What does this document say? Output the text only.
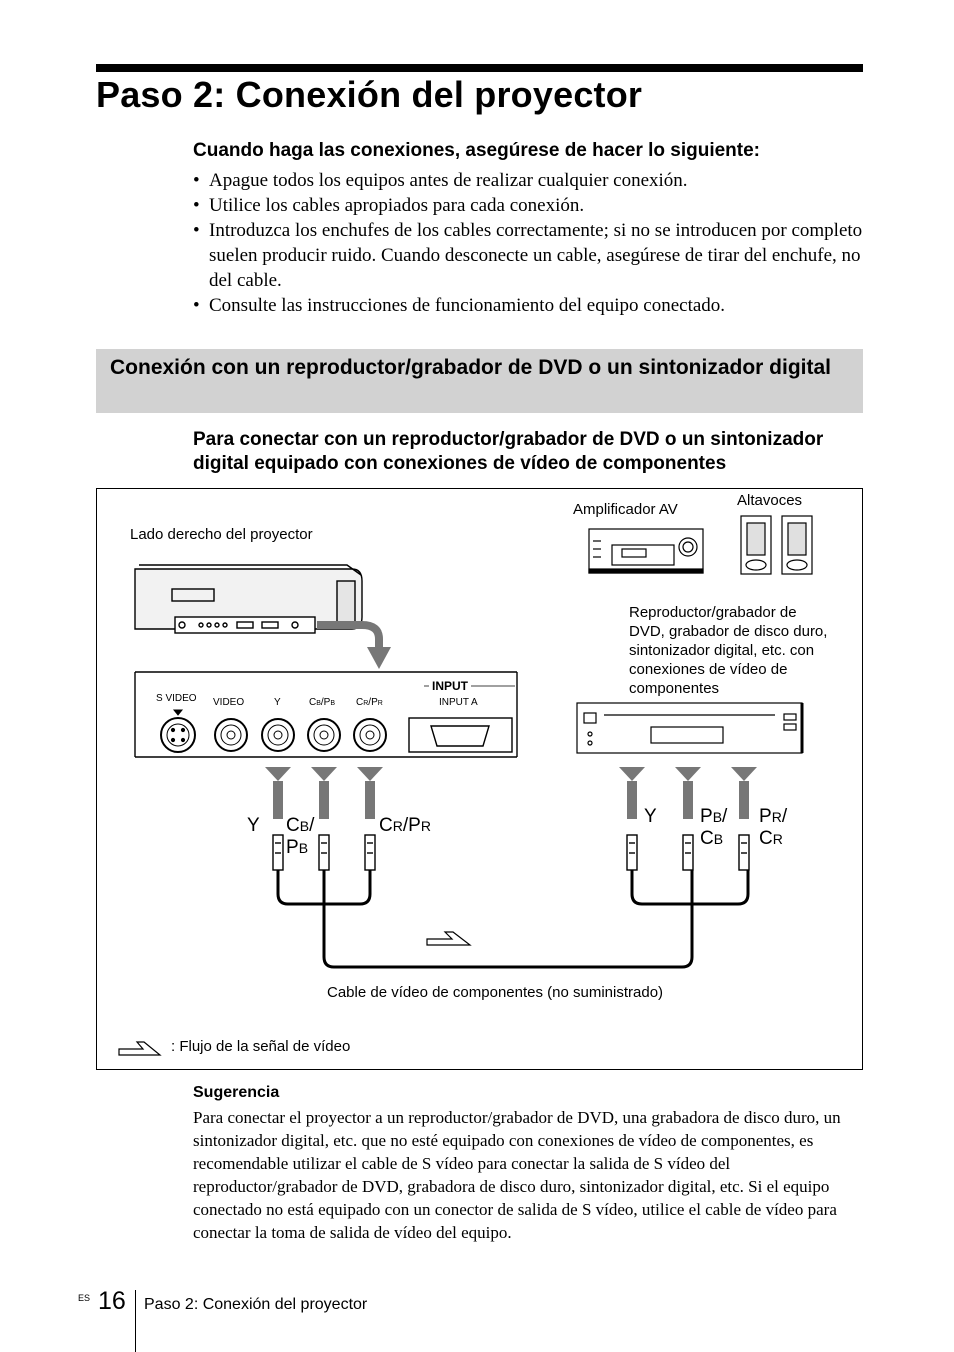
Paso 2: Conexión del proyector
Cuando haga las conexiones, asegúrese de hacer lo siguiente:
• Apague todos los equipos antes de realizar cualquier conexión.
• Utilice los cables apropiados para cada conexión.
• Introduzca los enchufes de los cables correctamente; si no se introducen por completo suelen producir ruido. Cuando desconecte un cable, asegúrese de tirar del enchufe, no del cable.
• Consulte las instrucciones de funcionamiento del equipo conectado.
Conexión con un reproductor/grabador de DVD o un sintonizador digital
Para conectar con un reproductor/grabador de DVD o un sintonizador digital equipado con conexiones de vídeo de componentes
Lado derecho del proyector
Amplificador AV
Altavoces
Reproductor/grabador de DVD, grabador de disco duro, sintonizador digital, etc. con conexiones de vídeo de componentes
INPUT
S VIDEO VIDEO	Y	CB/PB CR/PR	INPUT A
Y CB/
PB
CR/PR	Y PB/
CB
PR/
CR
Cable de vídeo de componentes (no suministrado)
: Flujo de la señal de vídeo
Sugerencia
Para conectar el proyector a un reproductor/grabador de DVD, una grabadora de disco duro, un sintonizador digital, etc. que no esté equipado con conexiones de vídeo de componentes, es recomendable utilizar el cable de S vídeo para conectar la salida de S vídeo del reproductor/grabador de DVD, grabadora de disco duro, sintonizador digital, etc. Si el equipo conectado no está equipado con un conector de salida de S vídeo, utilice el cable de vídeo para conectar la toma de salida de vídeo del equipo.
ES 16 Paso 2: Conexión del proyector
